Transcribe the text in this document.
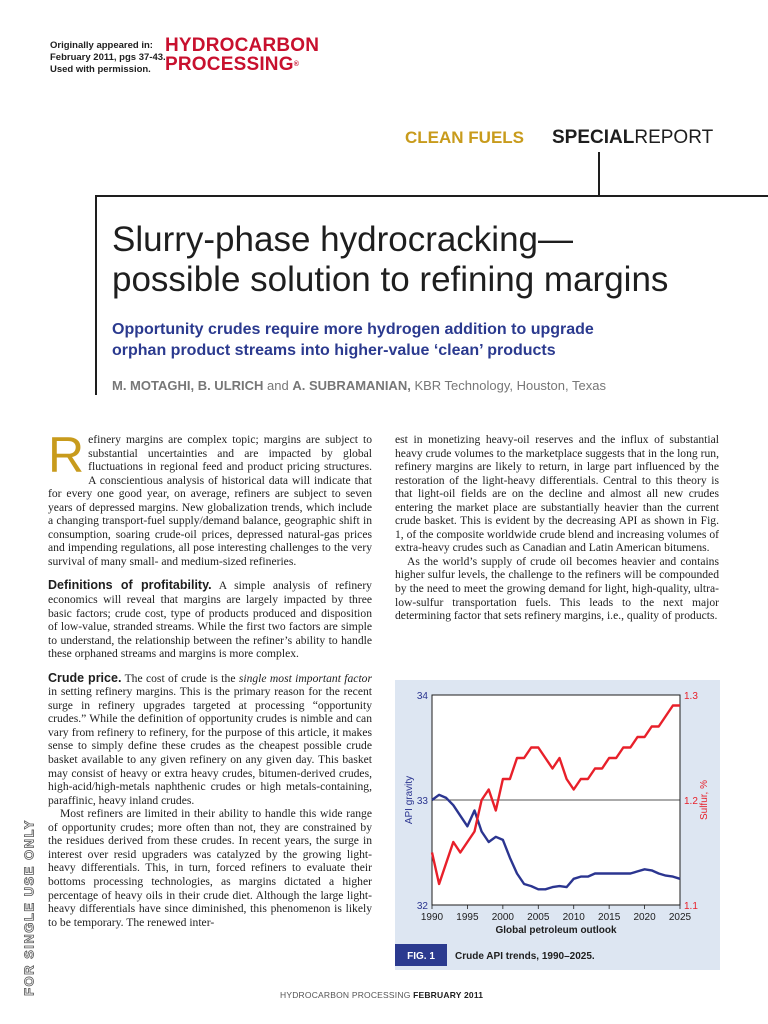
Originally appeared in:
February 2011, pgs 37-43.
Used with permission.
HYDROCARBON
PROCESSING®
CLEAN FUELS SPECIALREPORT
Slurry-phase hydrocracking—
possible solution to refining margins
Opportunity crudes require more hydrogen addition to upgrade
orphan product streams into higher-value ‘clean’ products
M. MOTAGHI, B. ULRICH and A. SUBRAMANIAN, KBR Technology, Houston, Texas

Refinery margins are complex topic; margins are subject to substantial uncertainties and are impacted by global fluctuations in regional feed and product pricing structures. A conscientious analysis of historical data will indicate that for every one good year, on average, refiners are subject to seven years of depressed margins. New globalization trends, which include a changing transport-fuel supply/demand balance, geographic shift in consumption, soaring crude-oil prices, depressed natural-gas prices and impending regulations, all pose interesting challenges to the very survival of many small- and medium-sized refineries.

Definitions of profitability. A simple analysis of refinery economics will reveal that margins are largely impacted by three basic factors; crude cost, type of products produced and disposition of low-value, stranded streams. While the first two factors are simple to understand, the relationship between the refiner’s ability to handle these orphaned streams and margins is more complex.

Crude price. The cost of crude is the single most important factor in setting refinery margins. This is the primary reason for the recent surge in refinery upgrades targeted at processing “opportunity crudes.” While the definition of opportunity crudes is nimble and can vary from refinery to refinery, for the purpose of this article, it makes sense to simply define these crudes as the cheapest possible crude basket available to any given refinery on any given day. This basket may consist of heavy or extra heavy crudes, bitumen-derived crudes, high-acid/high-metals naphthenic crudes or high metals-containing, paraffinic, heavy inland crudes.

Most refiners are limited in their ability to handle this wide range of opportunity crudes; more often than not, they are constrained by the residues derived from these crudes. In recent years, the surge in interest over resid upgraders was catalyzed by the growing light-heavy differentials. This, in turn, forced refiners to evaluate their bottoms processing technologies, as margins dictated a higher percentage of heavy oils in their crude diet. Although the large light-heavy differentials have since diminished, this phenomenon is likely to be temporary. The renewed inter-

est in monetizing heavy-oil reserves and the influx of substantial heavy crude volumes to the marketplace suggests that in the long run, refinery margins are likely to return, in large part influenced by the restoration of the light-heavy differentials. Central to this theory is that light-oil fields are on the decline and almost all new crudes entering the market place are substantially heavier than the current crude basket. This is evident by the decreasing API as shown in Fig. 1, of the composite worldwide crude blend and increasing volumes of extra-heavy crudes such as Canadian and Latin American bitumens.

As the world’s supply of crude oil becomes heavier and contains higher sulfur levels, the challenge to the refiners will be compounded by the need to meet the growing demand for light, high-quality, ultra-low-sulfur transportation fuels. This leads to the next major determining factor that sets refinery margins, i.e., quality of products.

1990 1995 2000 2005 2010 2015 2020 2025
32
33
34
1.1
1.2
1.3
API gravity	Sulfur, %
Global petroleum outlook
FIG. 1 Crude API trends, 1990–2025.
FOR SINGLE USE ONLY	HYDROCARBON PROCESSING FEBRUARY 2011
